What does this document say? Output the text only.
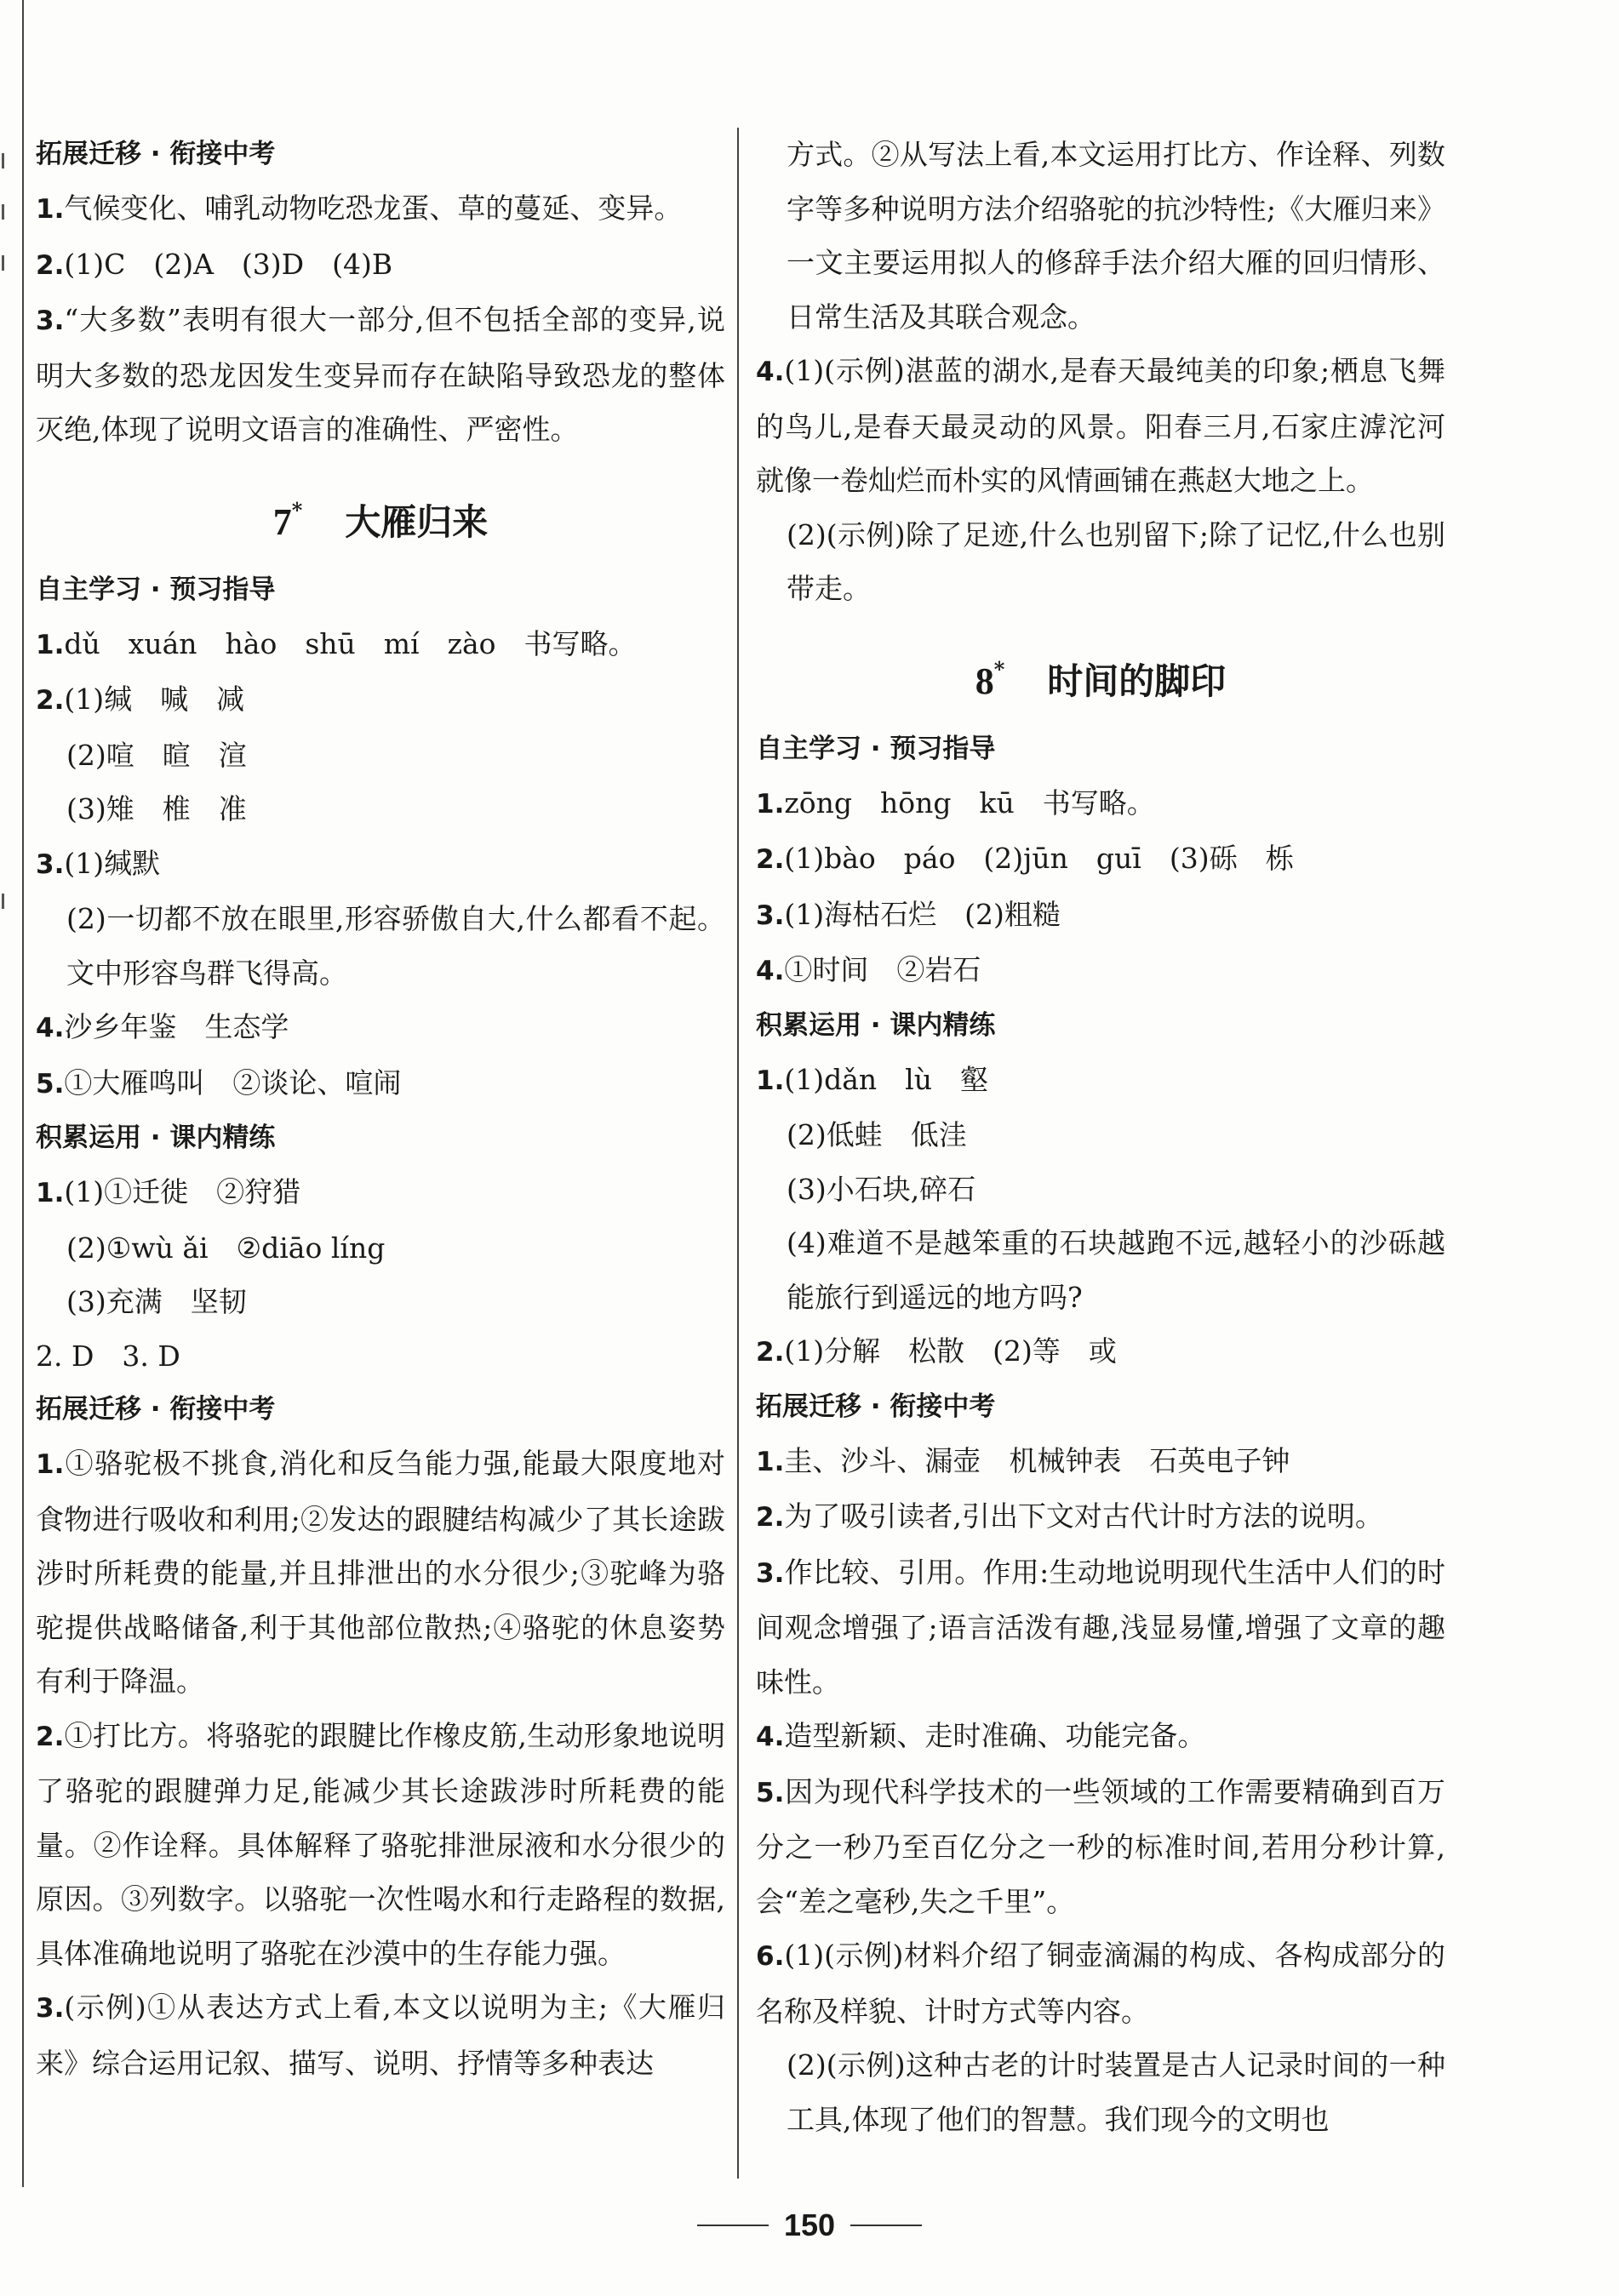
拓展迁移 · 衔接中考
1.气候变化、哺乳动物吃恐龙蛋、草的蔓延、变异。
2.(1)C　(2)A　(3)D　(4)B
3.“大多数”表明有很大一部分,但不包括全部的变异,说明大多数的恐龙因发生变异而存在缺陷导致恐龙的整体灭绝,体现了说明文语言的准确性、严密性。
7* 大雁归来
自主学习 · 预习指导
1.dǔ　xuán　hào　shū　mí　zào　书写略。
2.(1)缄　喊　减
(2)喧　暄　渲
(3)雉　椎　准
3.(1)缄默
(2)一切都不放在眼里,形容骄傲自大,什么都看不起。文中形容鸟群飞得高。
4.沙乡年鉴　生态学
5.①大雁鸣叫　②谈论、喧闹
积累运用 · 课内精练
1.(1)①迁徙　②狩猎
(2)①wù ǎi　②diāo líng
(3)充满　坚韧
2. D　3. D
拓展迁移 · 衔接中考
1.①骆驼极不挑食,消化和反刍能力强,能最大限度地对食物进行吸收和利用;②发达的跟腱结构减少了其长途跋涉时所耗费的能量,并且排泄出的水分很少;③驼峰为骆驼提供战略储备,利于其他部位散热;④骆驼的休息姿势有利于降温。
2.①打比方。将骆驼的跟腱比作橡皮筋,生动形象地说明了骆驼的跟腱弹力足,能减少其长途跋涉时所耗费的能量。②作诠释。具体解释了骆驼排泄尿液和水分很少的原因。③列数字。以骆驼一次性喝水和行走路程的数据,具体准确地说明了骆驼在沙漠中的生存能力强。
3.(示例)①从表达方式上看,本文以说明为主;《大雁归来》综合运用记叙、描写、说明、抒情等多种表达
方式。②从写法上看,本文运用打比方、作诠释、列数字等多种说明方法介绍骆驼的抗沙特性;《大雁归来》一文主要运用拟人的修辞手法介绍大雁的回归情形、日常生活及其联合观念。
4.(1)(示例)湛蓝的湖水,是春天最纯美的印象;栖息飞舞的鸟儿,是春天最灵动的风景。阳春三月,石家庄滹沱河就像一卷灿烂而朴实的风情画铺在燕赵大地之上。
(2)(示例)除了足迹,什么也别留下;除了记忆,什么也别带走。
8* 时间的脚印
自主学习 · 预习指导
1.zōng　hōng　kū　书写略。
2.(1)bào　páo　(2)jūn　guī　(3)砾　栎
3.(1)海枯石烂　(2)粗糙
4.①时间　②岩石
积累运用 · 课内精练
1.(1)dǎn　lù　壑
(2)低蛙　低洼
(3)小石块,碎石
(4)难道不是越笨重的石块越跑不远,越轻小的沙砾越能旅行到遥远的地方吗?
2.(1)分解　松散　(2)等　或
拓展迁移 · 衔接中考
1.圭、沙斗、漏壶　机械钟表　石英电子钟
2.为了吸引读者,引出下文对古代计时方法的说明。
3.作比较、引用。作用:生动地说明现代生活中人们的时间观念增强了;语言活泼有趣,浅显易懂,增强了文章的趣味性。
4.造型新颖、走时准确、功能完备。
5.因为现代科学技术的一些领域的工作需要精确到百万分之一秒乃至百亿分之一秒的标准时间,若用分秒计算,会“差之毫秒,失之千里”。
6.(1)(示例)材料介绍了铜壶滴漏的构成、各构成部分的名称及样貌、计时方式等内容。
(2)(示例)这种古老的计时装置是古人记录时间的一种工具,体现了他们的智慧。我们现今的文明也
150
